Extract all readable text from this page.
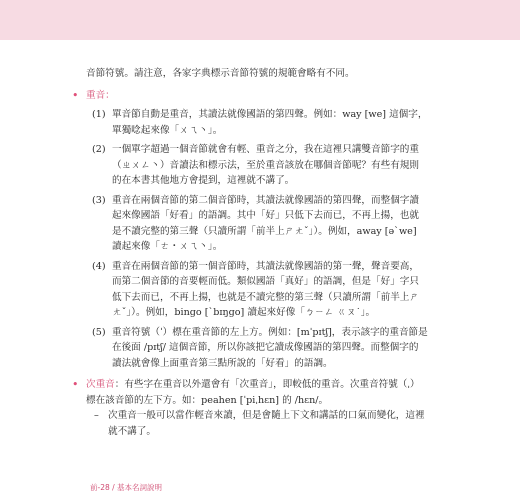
音節符號。請注意，各家字典標示音節符號的規範會略有不同。

• 重音：
(1) 單音節自動是重音，其讀法就像國語的第四聲。例如：way [we] 這個字，單獨唸起來像「ㄨㄟ丶」。

(2) 一個單字超過一個音節就會有輕、重音之分，我在這裡只講雙音節字的重（ㄓㄨㄥ丶）音讀法和標示法，至於重音該放在哪個音節呢？有些有規則的在本書其他地方會提到，這裡就不講了。

(3) 重音在兩個音節的第二個音節時，其讀法就像國語的第四聲，而整個字讀起來像國語「好看」的語調。其中「好」只低下去而已，不再上揚，也就是不讀完整的第三聲（只讀所謂「前半上ㄕㄤˇ」）。例如，away [əˋwe] 讀起來像「ㄜ・ㄨㄟ丶」。

(4) 重音在兩個音節的第一個音節時，其讀法就像國語的第一聲，聲音要高，而第二個音節的音要輕而低。類似國語「真好」的語調，但是「好」字只低下去而已，不再上揚，也就是不讀完整的第三聲（只讀所謂「前半上ㄕㄤˇ」）。例如，bingo [ˋbɪŋgo] 讀起來好像「ㄅㄧㄥ ㄍㄡ˙」。

(5) 重音符號（ˈ）標在重音節的左上方。例如：[mˈpɪtʃ]，表示該字的重音節是在後面 /pɪtʃ/ 這個音節，所以你該把它讀成像國語的第四聲。而整個字的讀法就會像上面重音第三點所說的「好看」的語調。

• 次重音：有些字在重音以外還會有「次重音」，即較低的重音。次重音符號（ˌ）標在該音節的左下方。如：peahen [ˈpiˌhɛn] 的 /hɛn/。

– 次重音一般可以當作輕音來讀，但是會隨上下文和講話的口氣而變化，這裡就不講了。

前-28 / 基本名詞說明
